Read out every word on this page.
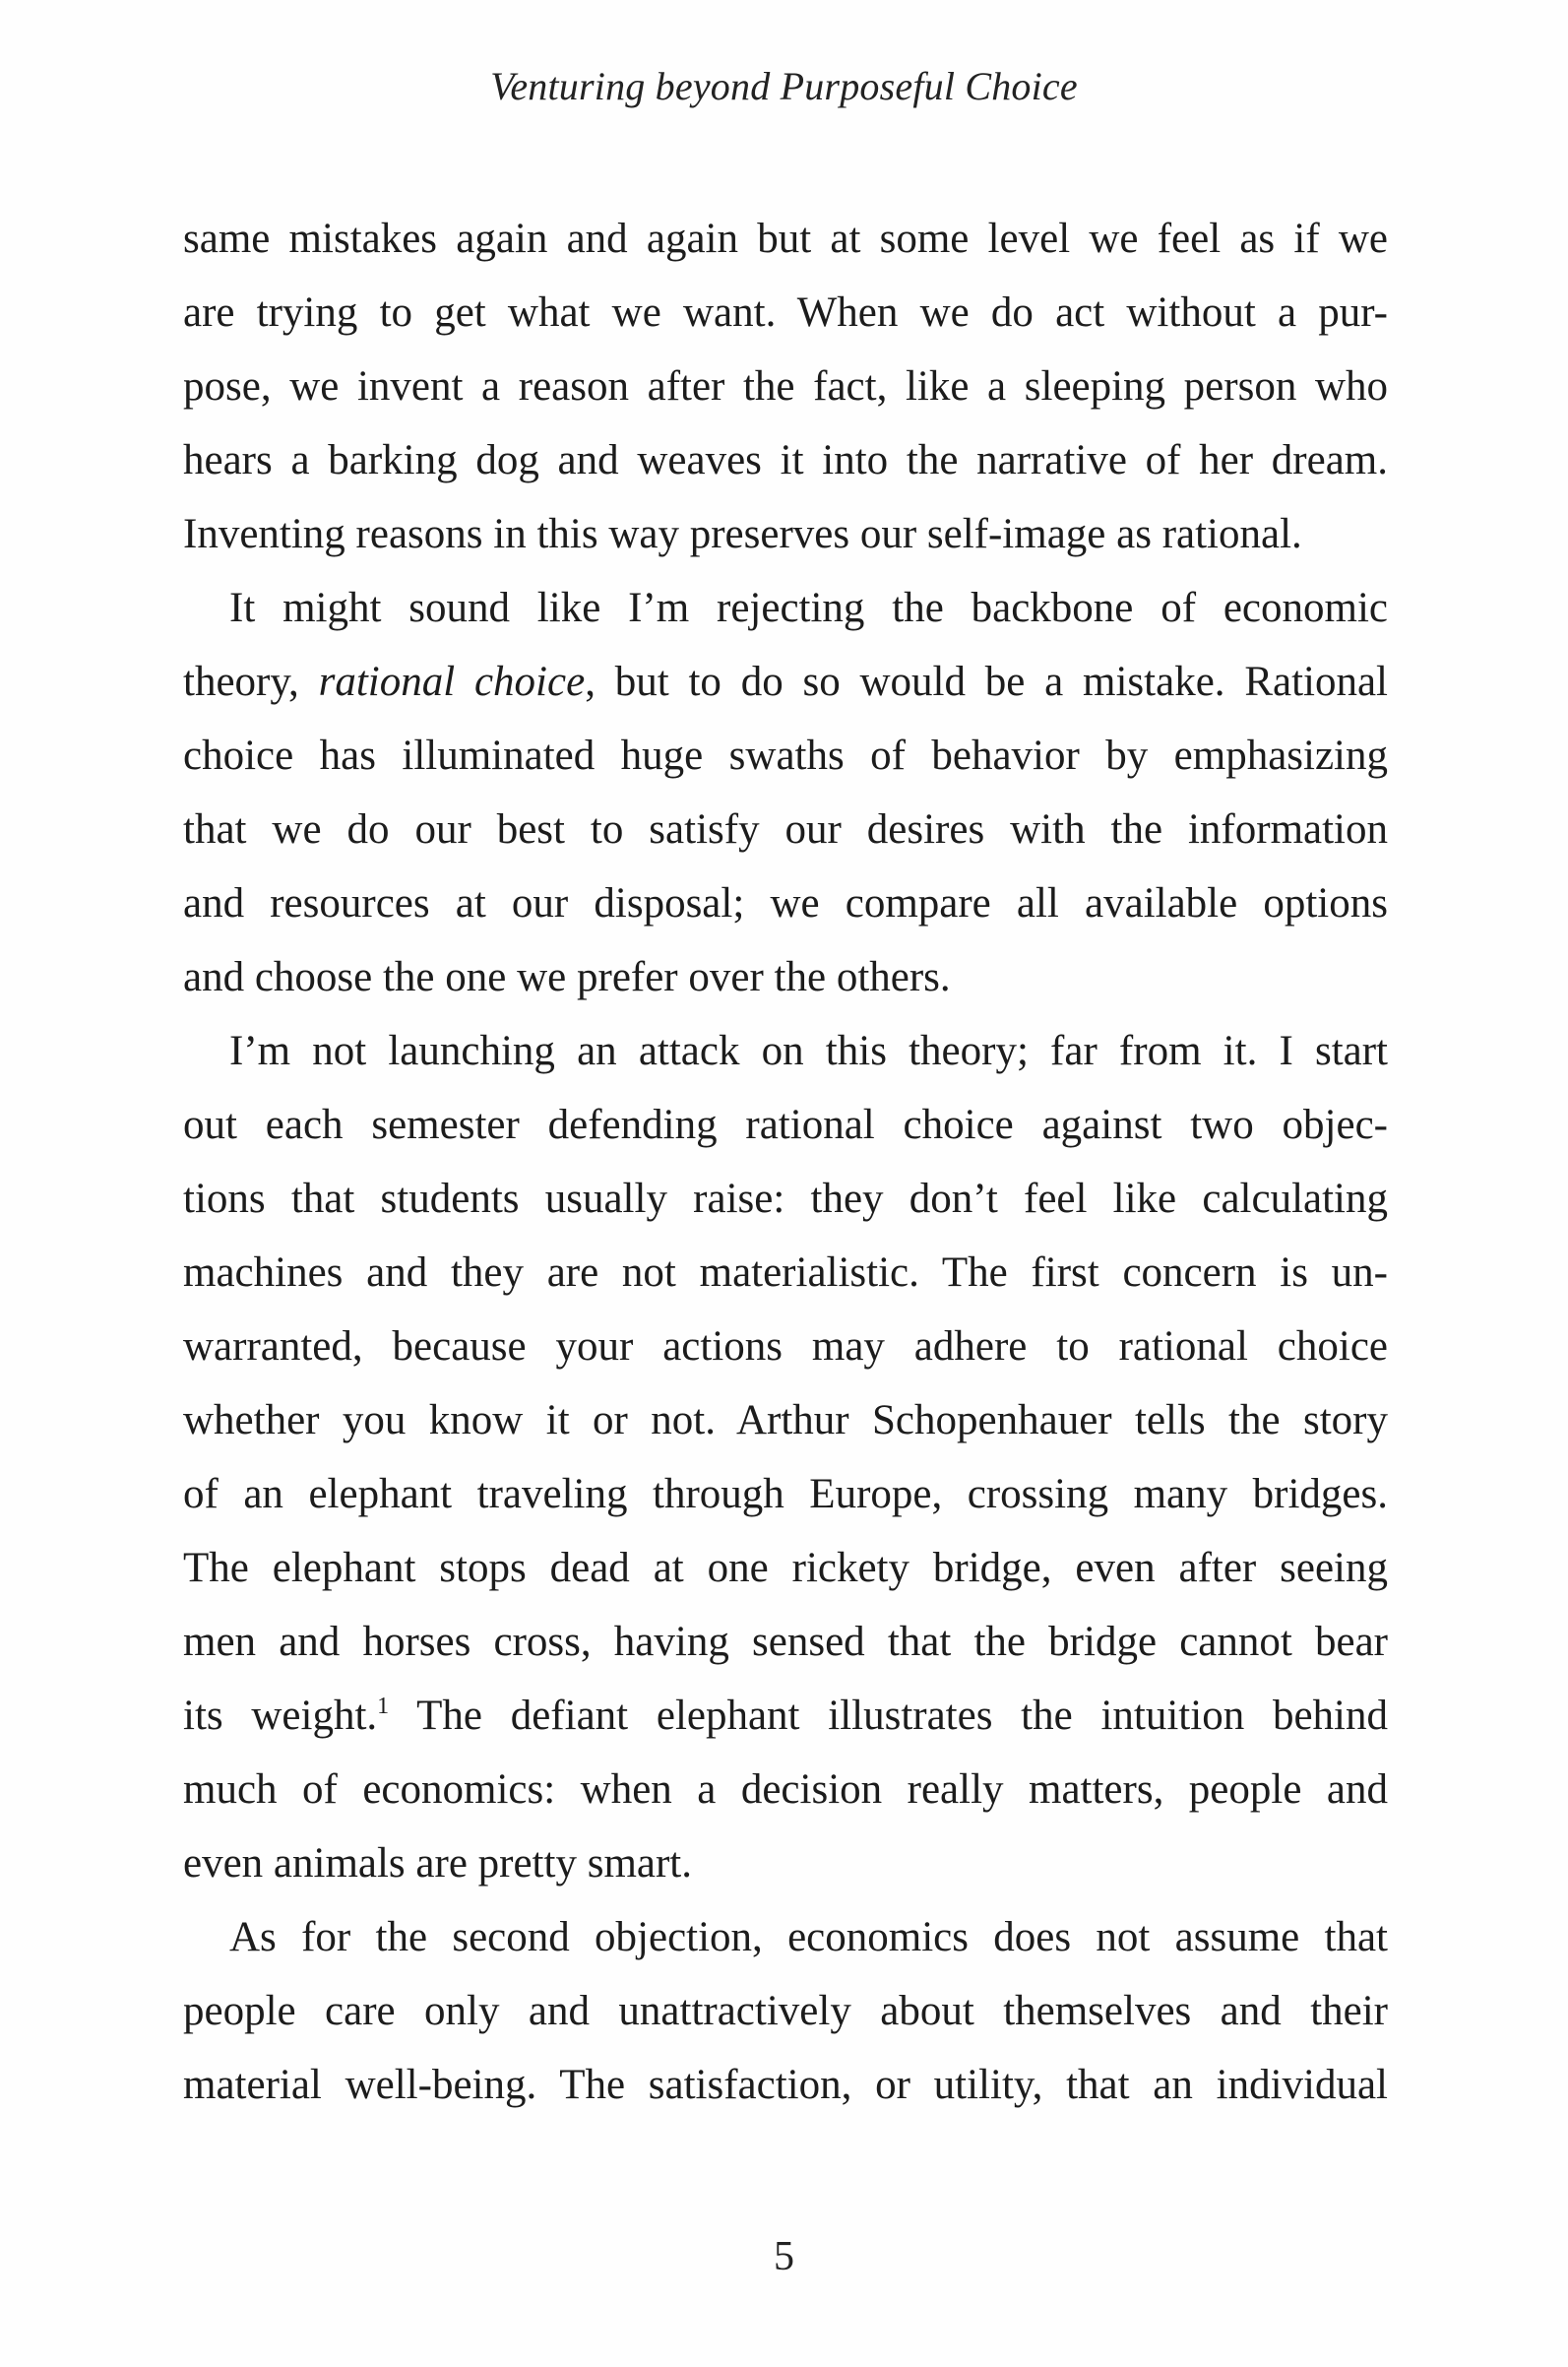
Venturing beyond Purposeful Choice
same mistakes again and again but at some level we feel as if we
are trying to get what we want. When we do act without a pur-
pose, we invent a reason after the fact, like a sleeping person who
hears a barking dog and weaves it into the narrative of her dream.
Inventing reasons in this way preserves our self-image as rational.
It might sound like I’m rejecting the backbone of economic
theory, rational choice, but to do so would be a mistake. Rational
choice has illuminated huge swaths of behavior by emphasizing
that we do our best to satisfy our desires with the information
and resources at our disposal; we compare all available options
and choose the one we prefer over the others.
I’m not launching an attack on this theory; far from it. I start
out each semester defending rational choice against two objec-
tions that students usually raise: they don’t feel like calculating
machines and they are not materialistic. The first concern is un-
warranted, because your actions may adhere to rational choice
whether you know it or not. Arthur Schopenhauer tells the story
of an elephant traveling through Europe, crossing many bridges.
The elephant stops dead at one rickety bridge, even after seeing
men and horses cross, having sensed that the bridge cannot bear
its weight.$^1$ The defiant elephant illustrates the intuition behind
much of economics: when a decision really matters, people and
even animals are pretty smart.
As for the second objection, economics does not assume that
people care only and unattractively about themselves and their
material well-being. The satisfaction, or utility, that an individual
5
